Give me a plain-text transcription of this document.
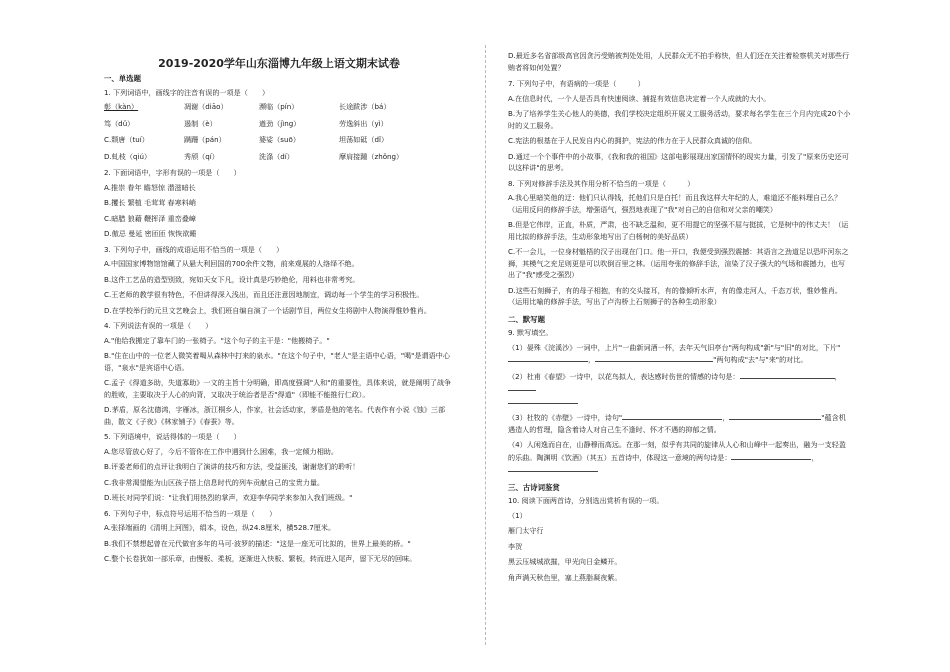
2019-2020学年山东淄博九年级上语文期末试卷
一、单选题

1. 下列词语中，画线字的注音有误的一项是（　　）

彰（kàn）	凋谢（diāo）	濒临（pín）	长途跋涉（bá）
笃（dǔ）	遏制（è）	遒劲（jìng）	劳逸斜出（yì）
C.颓唐（tuí）	蹒跚（pán）	婆娑（suō）	坦荡如砥（dǐ）
D.虬枝（qiú）	秀颀（qí）	洗涤（dí）	摩肩接踵（zhǒng）

2. 下面词语中，字形有误的一项是（　　）

A.推崇 眷年 瞻怒惊 潜滋暗长

B.攫长 繁植 毛茸茸 春寒料峭

C.暗腊 狼藉 鞭挥泽 重峦叠嶂

D.傲忌 曼延 密匝匝 恢恢欲睡

3. 下列句子中，画线的成语运用不恰当的一项是（　　）

A.中国国家博物馆馆藏了从悬大利回国的700余件文物，前来观展的人络绎不绝。

B.这件工艺品的造型别致，宛如天女下凡，设计真是巧妙绝伦，用料也非常考究。

C.王老师的教学很有特色，不但讲得深入浅出，而且还注意因地制宜，调动每一个学生的学习积极性。

D.在学校举行的元旦文艺晚会上，我们班自编自演了一个话剧节目，两位女生将剧中人物演得惟妙惟肖。

4. 下列说法有误的一项是（　　）

A."他给我搬定了靠车门的一张椅子。"这个句子的主干是："他搬椅子。"

B."住在山中的一位老人微笑着喝从森林中打来的泉水。"在这个句子中，"老人"是主语中心语，"喝"是谓语中心语，"泉水"是宾语中心语。

C.孟子《得道多助，失道寡助》一文的主旨十分明确，即高度强调"人和"的重要性，具体来说，就是阐明了战争的胜败，主要取决于人心的向背，又取决于统治者是否"得道"（即能不能推行仁政）。

D.茅盾，原名沈德鸿，字雁冰，浙江桐乡人，作家，社会活动家，茅盾是他的笔名。代表作有小说《蚀》三部曲，散文《子夜》《林家铺子》《春蚕》等。

5. 下列语境中，说话得体的一项是（　　）

A.您尽管放心好了，今后不管你在工作中遇到什么困难，我一定倾力相助。

B.评委老师们的点评让我明白了演讲的技巧和方法，受益匪浅，谢谢您们的聆听！

C.我非常渴望能为山区孩子搭上信息时代的列车贡献自己的宝贵力量。

D.班长对同学们说："让我们用热烈的掌声，欢迎李华同学来参加入我们班级。"

6. 下列句子中，标点符号运用不恰当的一项是（　　）

A.张择端画的《清明上河图》，绢本，设色，纵24.8厘米，横528.7厘米。

B.我们不禁想起曾在元代做官多年的马可·波罗的描述："这是一座无可比拟的，世界上最美的桥。"

C.整个长卷犹如一部乐章，由慢板、柔板，逐渐进入快板、繁板，转而进入尾声，留下无尽的回味。

D.最近多名省部级高官因贪污受贿被判处处用，人民群众无不拍手称快，但人们还在关注着检察机关对那些行贿者将如何处置？

7. 下列句子中，有语病的一项是（　　　）

A.在信息时代，一个人是否具有快速阅读、捕捉有效信息决定着一个人成就的大小。

B.为了培养学生关心他人的美德，我们学校决定组织开展义工服务活动，要求每名学生在三个月内完成20个小时的义工服务。

C.宪法的根基在于人民发自内心的拥护，宪法的伟力在于人民群众真诚的信仰。

D.通过一个个事件中的小故事，《我和我的祖国》这部电影展现出家国情怀的现实力量，引发了"原来历史还可以这样讲"的思考。

8. 下列对修辞手法及其作用分析不恰当的一项是（　　　）

A.我心里暗笑他的迂：他们只认得钱，托他们只是白托！而且我这样大年纪的人，难道还不能料理自己么？（运用反问的修辞手法，增强语气，强烈地表现了"我"对自己的自信和对父亲的嘲笑）

B.但是它伟岸，正直，朴质，严肃，也不缺乏温和，更不用提它的坚强不屈与挺拔，它是树中的伟丈夫！（运用比拟的修辞手法，生动形象地写出了白杨树的美好品质）

C.不一会儿，一位身材魁梧的汉子出现在门口。他一开口，我便受到强烈震撼：其语言之劲道足以恐吓河东之狮，其模气之充足则更是可以吹倒百里之林。（运用夸张的修辞手法，渲染了汉子强大的气场和震撼力，也写出了"我"感受之强烈）

D.这些石刻狮子，有的母子相抱，有的交头接耳，有的像倾听水声，有的像走河人，千态万状，惟妙惟肖。（运用比喻的修辞手法，写出了卢沟桥上石刻狮子的各种生动形象）

二、默写题

9. 默写填空。

（1）晏殊《浣溪沙》一词中，上片"一曲新词酒一杯，去年天气旧亭台"两句构成"新"与"旧"的对比，下片"，	"两句构成"去"与"来"的对比。

（2）杜甫《春望》一诗中，以花鸟拟人，表达感时伤世的情感的诗句是：	，

（3）杜牧的《赤壁》一诗中，诗句"	，	"蕴含机遇造人的哲理，隐含着诗人对自己生不逢时、怀才不遇的抑郁之情。

（4）人闲逸而自在，山静穆而高远。在那一刻，似乎有共同的旋律从人心和山峰中一起奏出，融为一支轻盈的乐曲。陶渊明《饮酒》（其五）五首诗中，体现这一意境的两句诗是：	，

三、古诗词鉴赏

10. 阅读下面两首诗，分别选出赏析有误的一项。

（1）

雁门太守行

李贺

黑云压城城欲摧，甲光向日金鳞开。

角声满天秋色里，塞上燕脂凝夜紫。
